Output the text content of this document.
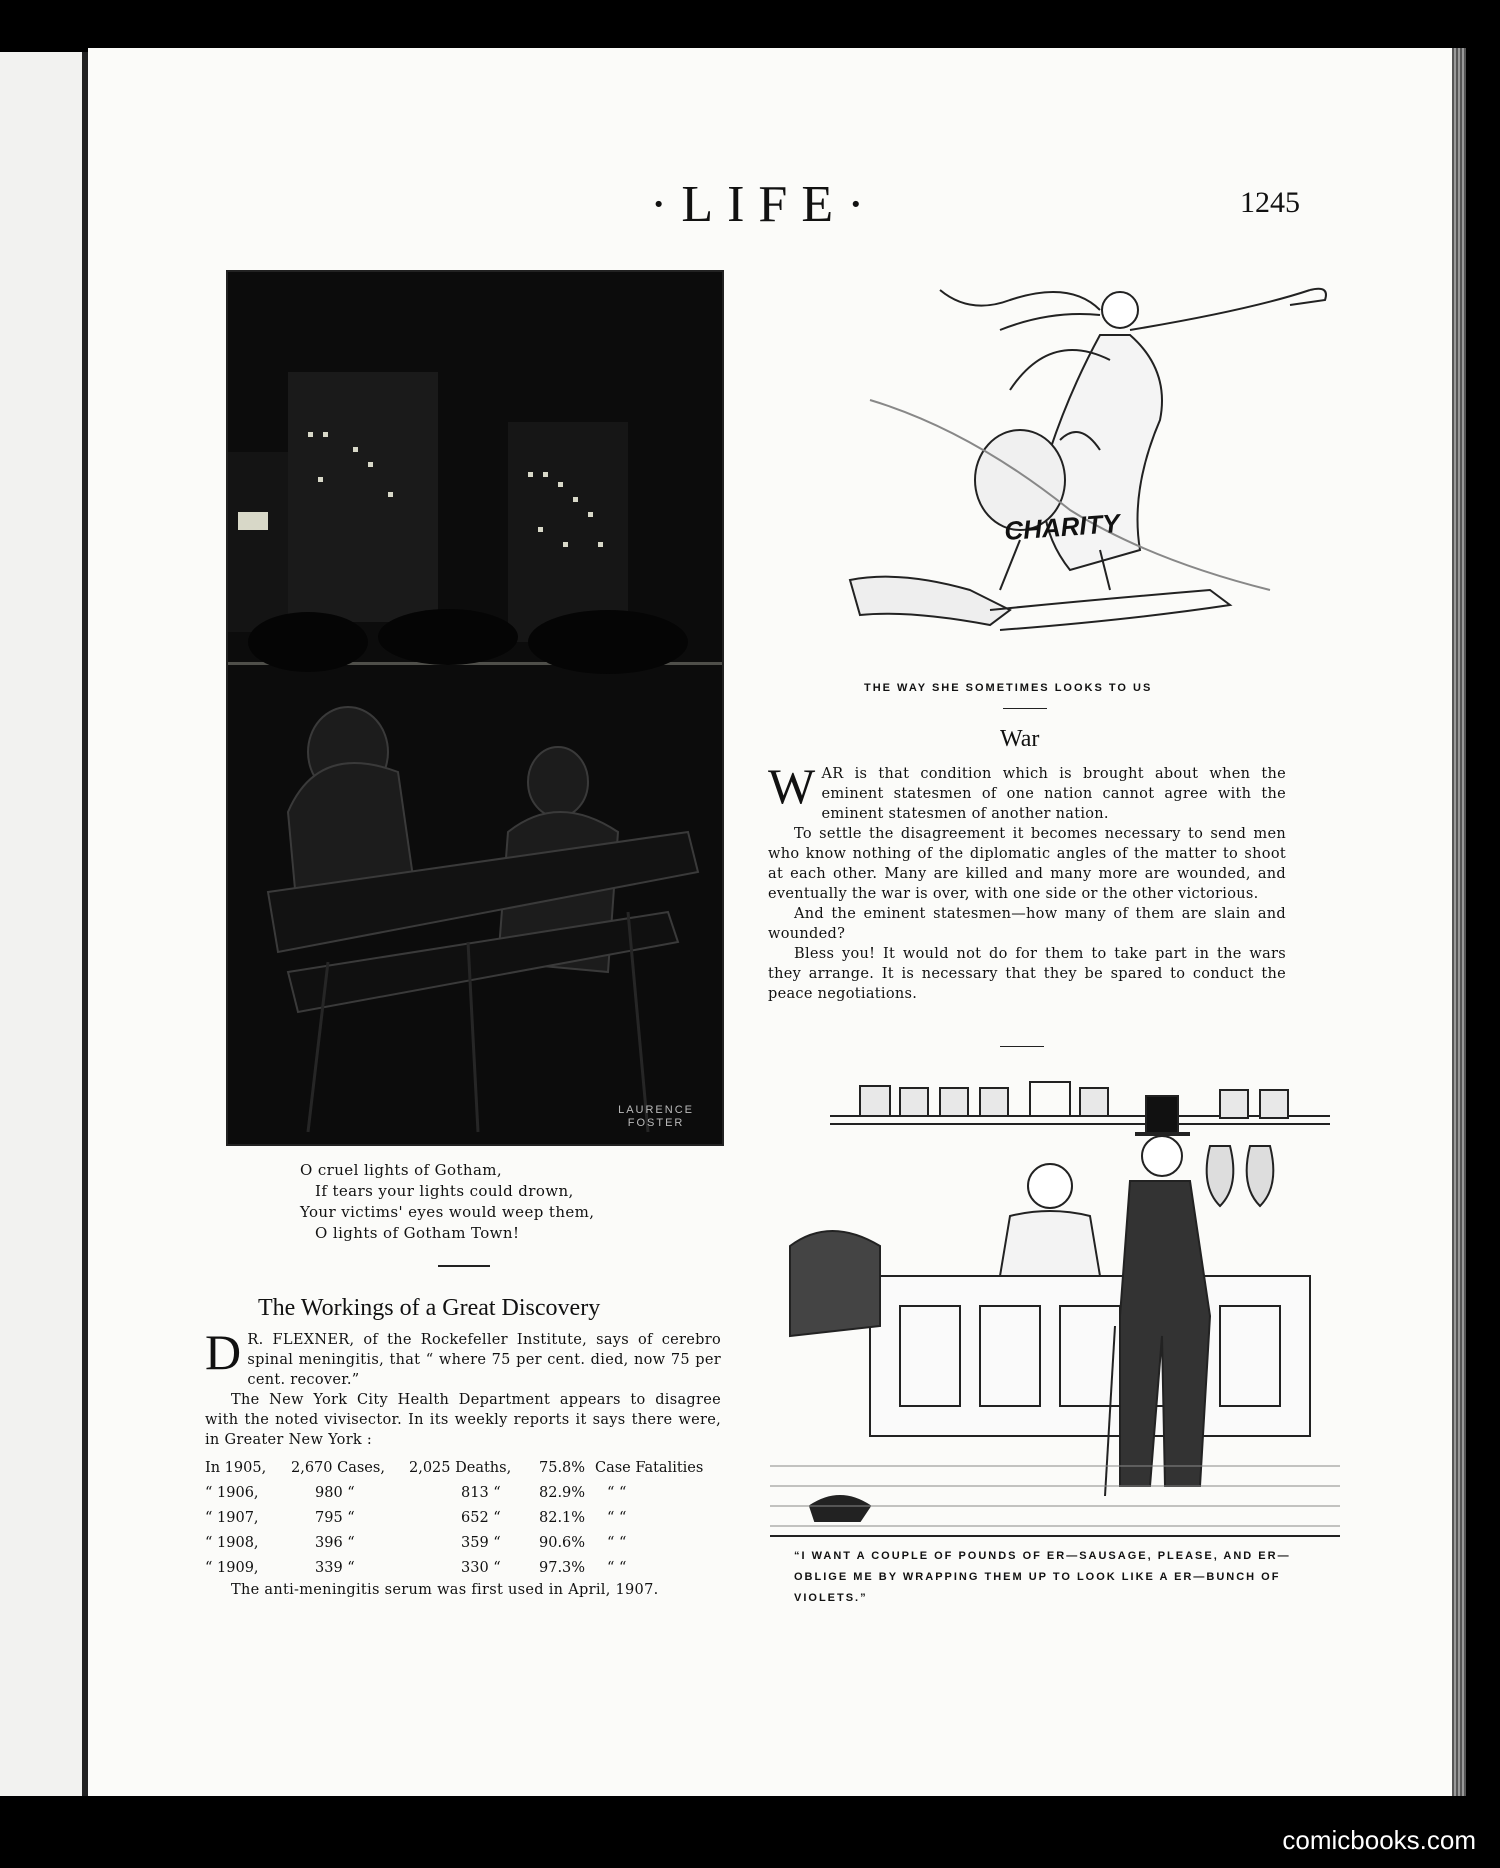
·LIFE·	1245
LAURENCE
FOSTER
O cruel lights of Gotham,
If tears your lights could drown,
Your victims' eyes would weep them,
O lights of Gotham Town!
The Workings of a Great Discovery

D R. FLEXNER, of the Rockefeller Institute, says of cerebro spinal meningitis, that “ where 75 per cent. died, now 75 per cent. recover.”

The New York City Health Department appears to disagree with the noted vivisector. In its weekly reports it says there were, in Greater New York :

In 1905,	2,670 Cases,	2,025 Deaths,	75.8%	Case Fatalities
“ 1906,	980 “	813 “	82.9%	“ “
“ 1907,	795 “	652 “	82.1%	“ “
“ 1908,	396 “	359 “	90.6%	“ “
“ 1909,	339 “	330 “	97.3%	“ “

The anti-meningitis serum was first used in April, 1907.

CHARITY
THE WAY SHE SOMETIMES LOOKS TO US
War

WAR is that condition which is brought about when the eminent statesmen of one nation cannot agree with the eminent statesmen of another nation.

To settle the disagreement it becomes necessary to send men who know nothing of the diplomatic angles of the matter to shoot at each other. Many are killed and many more are wounded, and eventually the war is over, with one side or the other victorious.

And the eminent statesmen—how many of them are slain and wounded?

Bless you! It would not do for them to take part in the wars they arrange. It is necessary that they be spared to conduct the peace negotiations.

“I WANT A COUPLE OF POUNDS OF ER—SAUSAGE, PLEASE, AND ER—OBLIGE ME BY WRAPPING THEM UP TO LOOK LIKE A ER—BUNCH OF VIOLETS.”
comicbooks.com
